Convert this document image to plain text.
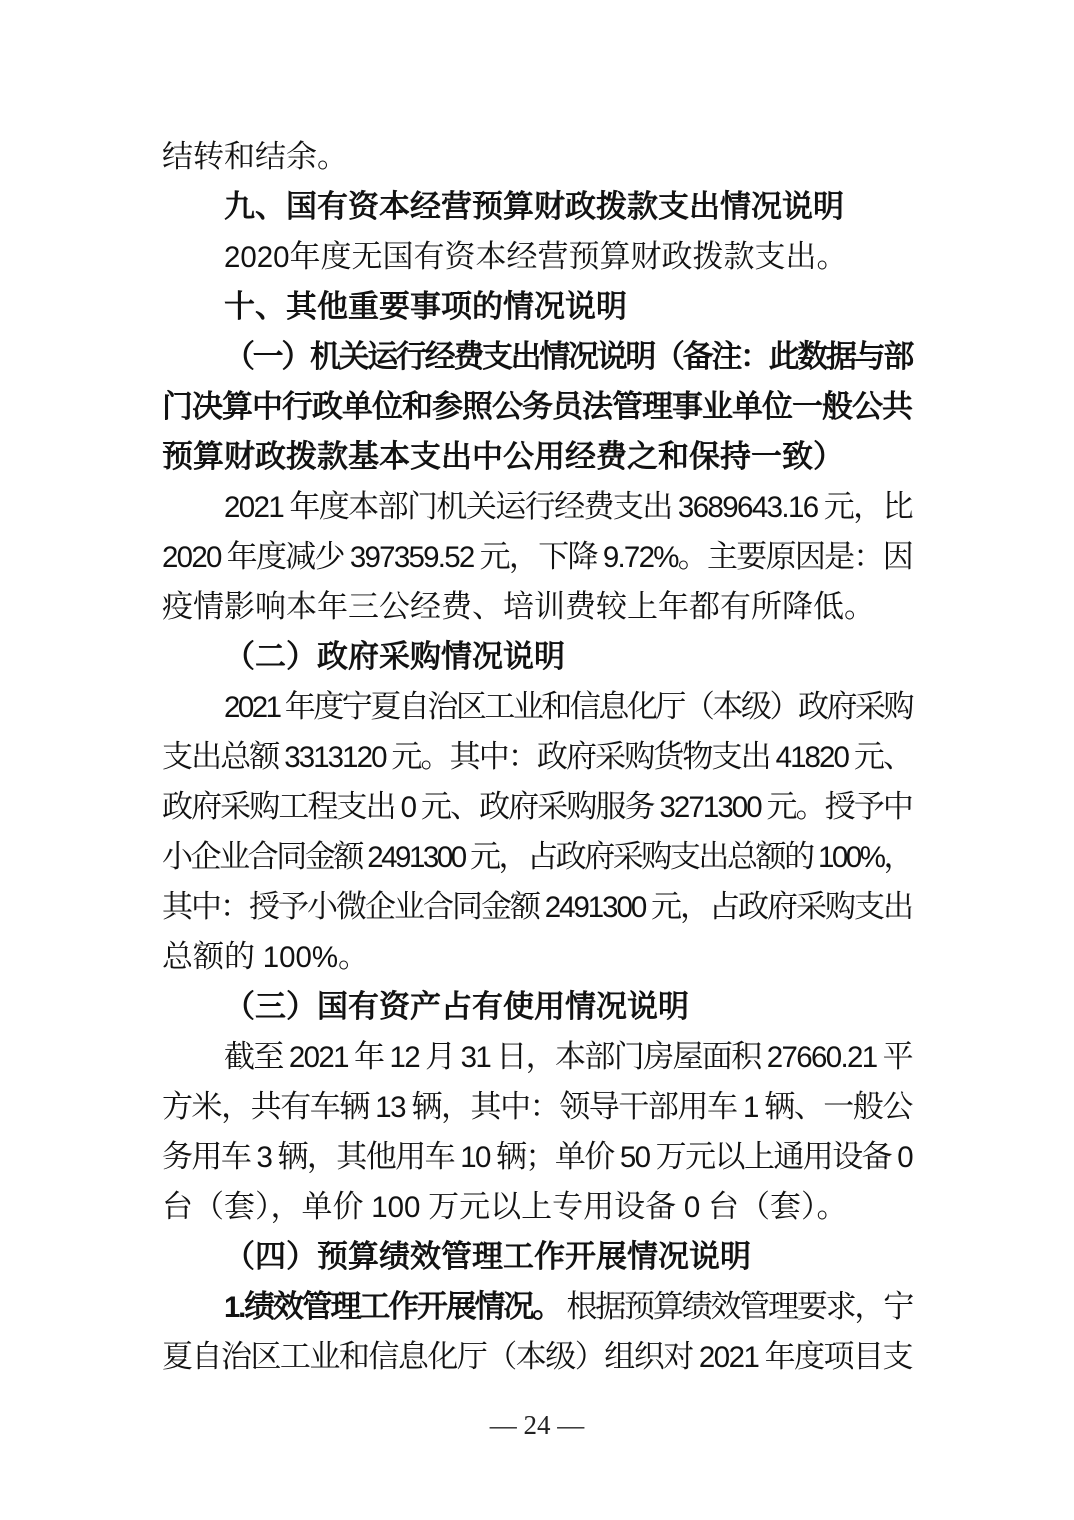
结转和结余。
九、国有资本经营预算财政拨款支出情况说明
2020年度无国有资本经营预算财政拨款支出。
十、其他重要事项的情况说明
（一）机关运行经费支出情况说明（备注：此数据与部
门决算中行政单位和参照公务员法管理事业单位一般公共
预算财政拨款基本支出中公用经费之和保持一致）
2021 年度本部门机关运行经费支出 3689643.16 元，比
2020 年度减少 397359.52 元，下降 9.72%。主要原因是：因
疫情影响本年三公经费、培训费较上年都有所降低。
（二）政府采购情况说明
2021 年度宁夏自治区工业和信息化厅（本级）政府采购
支出总额 3313120 元。其中：政府采购货物支出 41820 元、
政府采购工程支出 0 元、政府采购服务 3271300 元。授予中
小企业合同金额 2491300 元，占政府采购支出总额的 100%，
其中：授予小微企业合同金额 2491300 元，占政府采购支出
总额的 100%。
（三）国有资产占有使用情况说明
截至 2021 年 12 月 31 日，本部门房屋面积 27660.21 平
方米，共有车辆 13 辆，其中：领导干部用车 1 辆、一般公
务用车 3 辆，其他用车 10 辆；单价 50 万元以上通用设备 0
台（套），单价 100 万元以上专用设备 0 台（套）。
（四）预算绩效管理工作开展情况说明
1.绩效管理工作开展情况。 根据预算绩效管理要求，宁
夏自治区工业和信息化厅（本级）组织对 2021 年度项目支
— 24 —
